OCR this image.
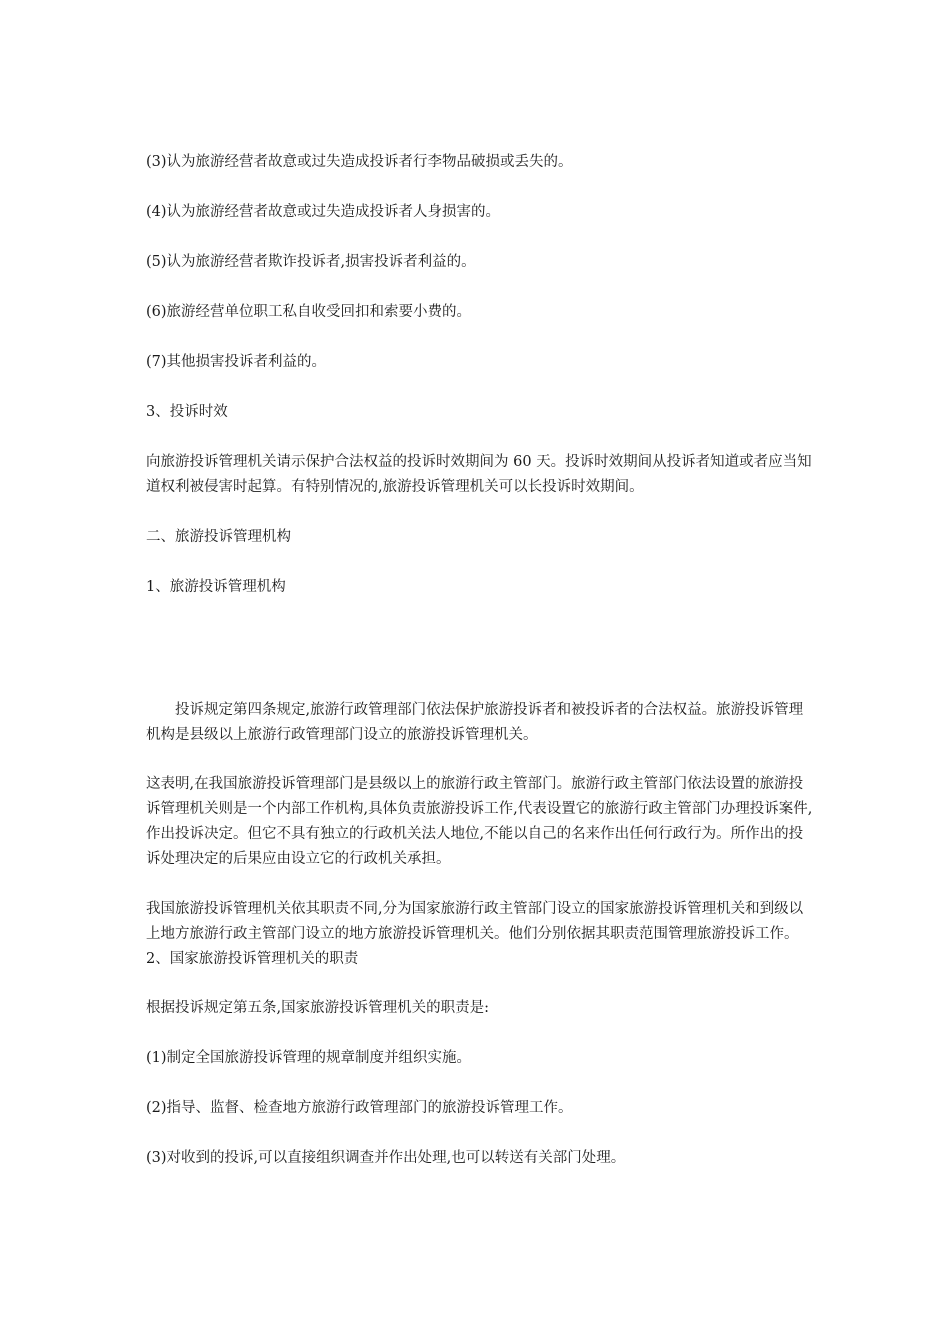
(3)认为旅游经营者故意或过失造成投诉者行李物品破损或丢失的。

(4)认为旅游经营者故意或过失造成投诉者人身损害的。

(5)认为旅游经营者欺诈投诉者,损害投诉者利益的。

(6)旅游经营单位职工私自收受回扣和索要小费的。

(7)其他损害投诉者利益的。

3、投诉时效

向旅游投诉管理机关请示保护合法权益的投诉时效期间为 60 天。投诉时效期间从投诉者知道或者应当知道权利被侵害时起算。有特别情况的,旅游投诉管理机关可以长投诉时效期间。

二、旅游投诉管理机构

1、旅游投诉管理机构

投诉规定第四条规定,旅游行政管理部门依法保护旅游投诉者和被投诉者的合法权益。旅游投诉管理机构是县级以上旅游行政管理部门设立的旅游投诉管理机关。

这表明,在我国旅游投诉管理部门是县级以上的旅游行政主管部门。旅游行政主管部门依法设置的旅游投诉管理机关则是一个内部工作机构,具体负责旅游投诉工作,代表设置它的旅游行政主管部门办理投诉案件,作出投诉决定。但它不具有独立的行政机关法人地位,不能以自己的名来作出任何行政行为。所作出的投诉处理决定的后果应由设立它的行政机关承担。

我国旅游投诉管理机关依其职责不同,分为国家旅游行政主管部门设立的国家旅游投诉管理机关和到级以上地方旅游行政主管部门设立的地方旅游投诉管理机关。他们分别依据其职责范围管理旅游投诉工作。2、国家旅游投诉管理机关的职责

根据投诉规定第五条,国家旅游投诉管理机关的职责是:

(1)制定全国旅游投诉管理的规章制度并组织实施。

(2)指导、监督、检查地方旅游行政管理部门的旅游投诉管理工作。

(3)对收到的投诉,可以直接组织调查并作出处理,也可以转送有关部门处理。
